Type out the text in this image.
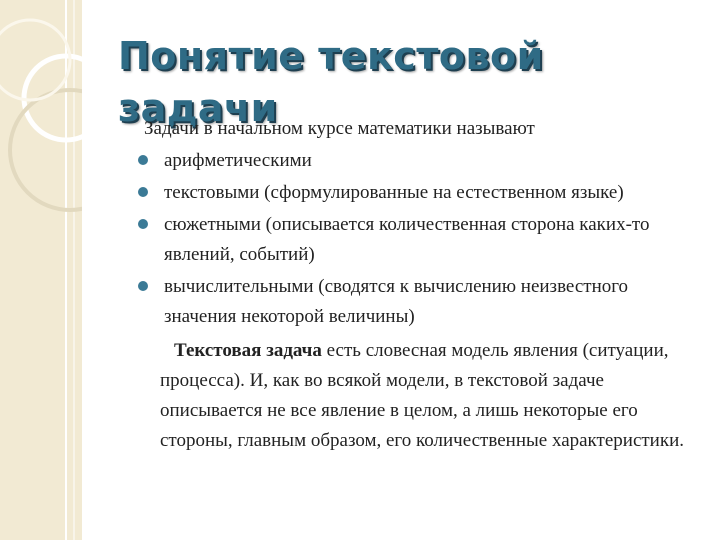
Понятие текстовой задачи

Задачи в начальном курсе математики называют

арифметическими
текстовыми (сформулированные на естественном языке)
сюжетными (описывается количественная сторона каких-то явлений, событий)
вычислительными (сводятся к вычислению неизвестного значения некоторой величины)

Текстовая задача есть словесная модель явления (ситуации, процесса). И, как во всякой модели, в текстовой задаче описывается не все явление в целом, а лишь некоторые его стороны, главным образом, его количественные характеристики.
